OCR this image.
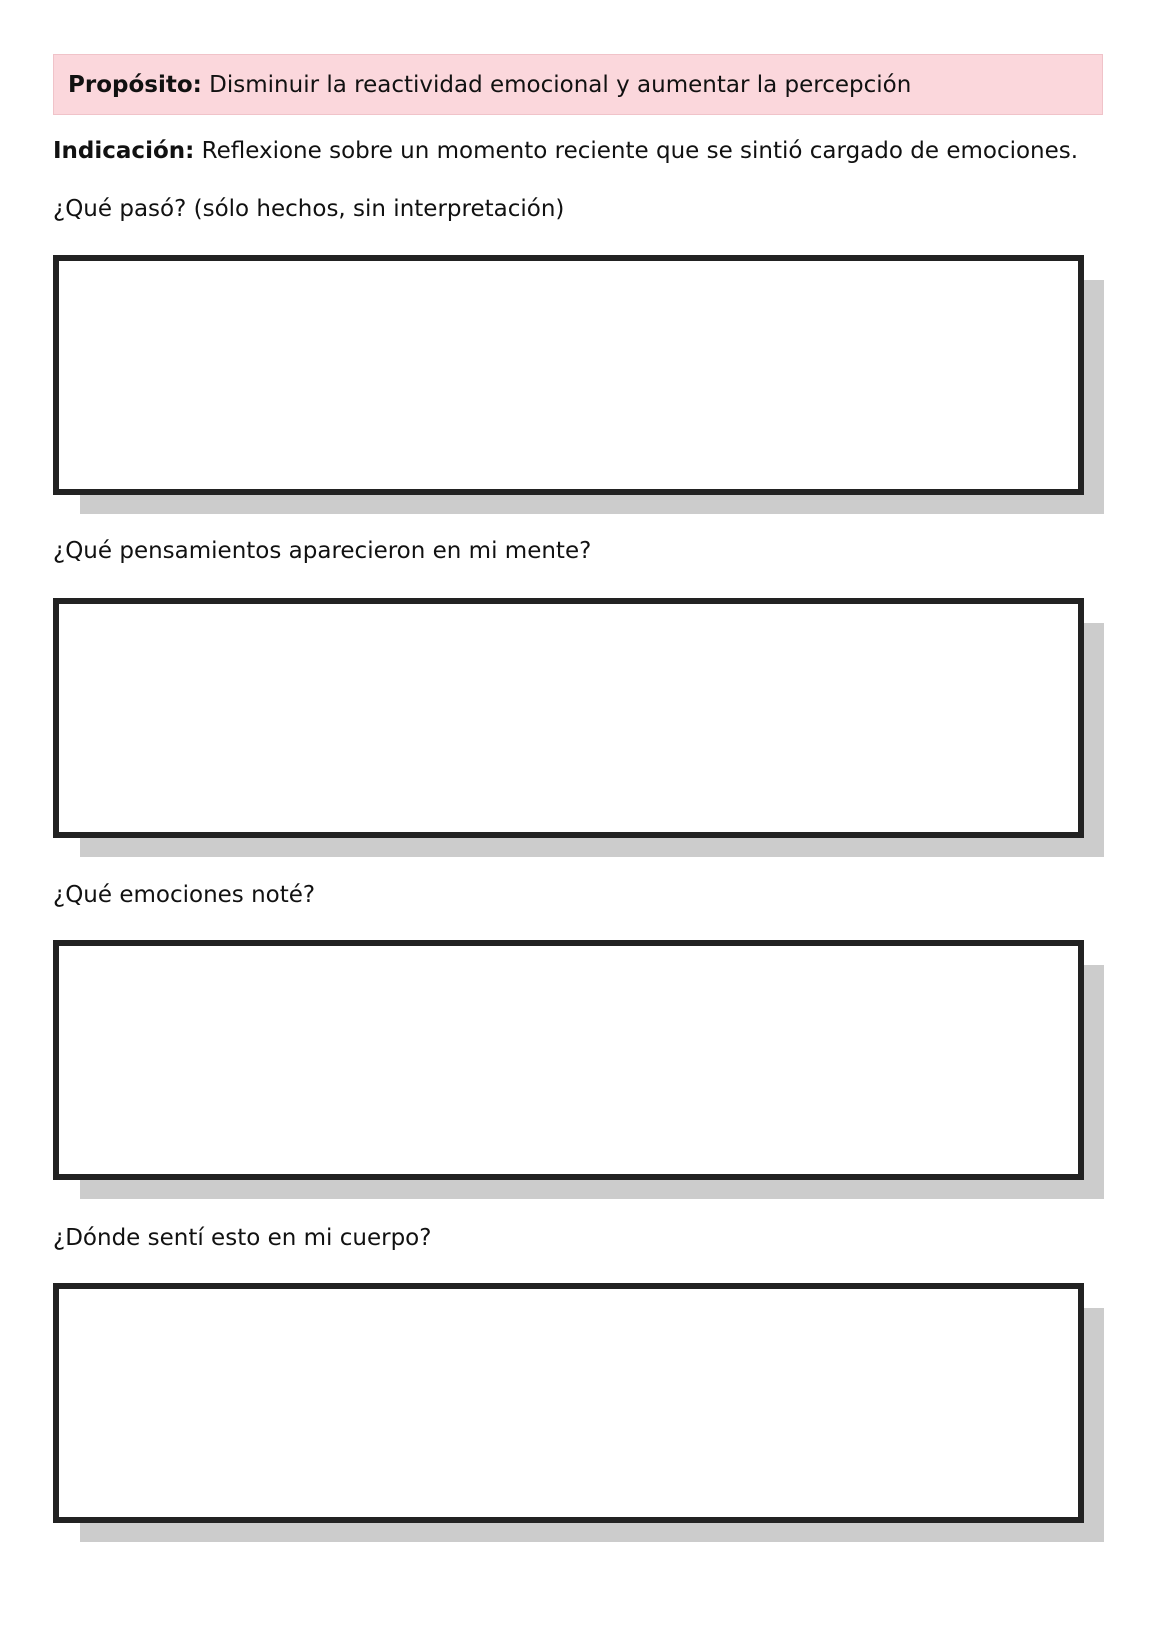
Propósito: Disminuir la reactividad emocional y aumentar la percepción
Indicación: Reflexione sobre un momento reciente que se sintió cargado de emociones.
¿Qué pasó? (sólo hechos, sin interpretación)
¿Qué pensamientos aparecieron en mi mente?
¿Qué emociones noté?
¿Dónde sentí esto en mi cuerpo?
